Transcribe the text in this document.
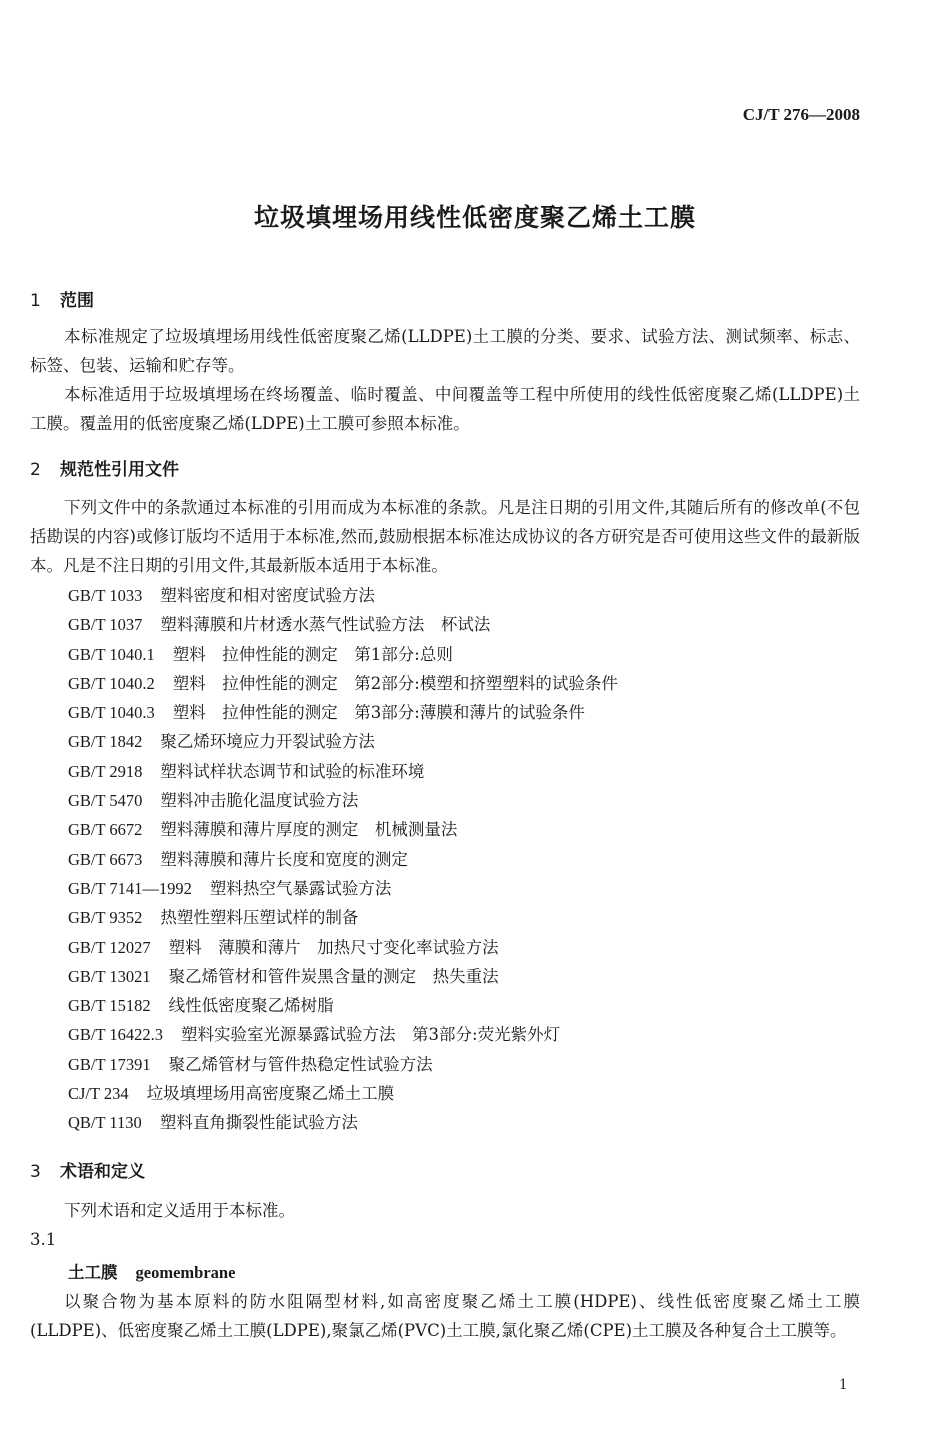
CJ/T 276—2008
垃圾填埋场用线性低密度聚乙烯土工膜
1 范围
本标准规定了垃圾填埋场用线性低密度聚乙烯(LLDPE)土工膜的分类、要求、试验方法、测试频率、标志、标签、包装、运输和贮存等。
本标准适用于垃圾填埋场在终场覆盖、临时覆盖、中间覆盖等工程中所使用的线性低密度聚乙烯(LLDPE)土工膜。覆盖用的低密度聚乙烯(LDPE)土工膜可参照本标准。
2 规范性引用文件
下列文件中的条款通过本标准的引用而成为本标准的条款。凡是注日期的引用文件,其随后所有的修改单(不包括勘误的内容)或修订版均不适用于本标准,然而,鼓励根据本标准达成协议的各方研究是否可使用这些文件的最新版本。凡是不注日期的引用文件,其最新版本适用于本标准。
GB/T 1033 塑料密度和相对密度试验方法
GB/T 1037 塑料薄膜和片材透水蒸气性试验方法　杯试法
GB/T 1040.1 塑料　拉伸性能的测定　第1部分:总则
GB/T 1040.2 塑料　拉伸性能的测定　第2部分:模塑和挤塑塑料的试验条件
GB/T 1040.3 塑料　拉伸性能的测定　第3部分:薄膜和薄片的试验条件
GB/T 1842 聚乙烯环境应力开裂试验方法
GB/T 2918 塑料试样状态调节和试验的标准环境
GB/T 5470 塑料冲击脆化温度试验方法
GB/T 6672 塑料薄膜和薄片厚度的测定　机械测量法
GB/T 6673 塑料薄膜和薄片长度和宽度的测定
GB/T 7141—1992 塑料热空气暴露试验方法
GB/T 9352 热塑性塑料压塑试样的制备
GB/T 12027 塑料　薄膜和薄片　加热尺寸变化率试验方法
GB/T 13021 聚乙烯管材和管件炭黑含量的测定　热失重法
GB/T 15182 线性低密度聚乙烯树脂
GB/T 16422.3 塑料实验室光源暴露试验方法　第3部分:荧光紫外灯
GB/T 17391 聚乙烯管材与管件热稳定性试验方法
CJ/T 234 垃圾填埋场用高密度聚乙烯土工膜
QB/T 1130 塑料直角撕裂性能试验方法
3 术语和定义
下列术语和定义适用于本标准。
3.1
土工膜 geomembrane
以聚合物为基本原料的防水阻隔型材料,如高密度聚乙烯土工膜(HDPE)、线性低密度聚乙烯土工膜(LLDPE)、低密度聚乙烯土工膜(LDPE),聚氯乙烯(PVC)土工膜,氯化聚乙烯(CPE)土工膜及各种复合土工膜等。
1
